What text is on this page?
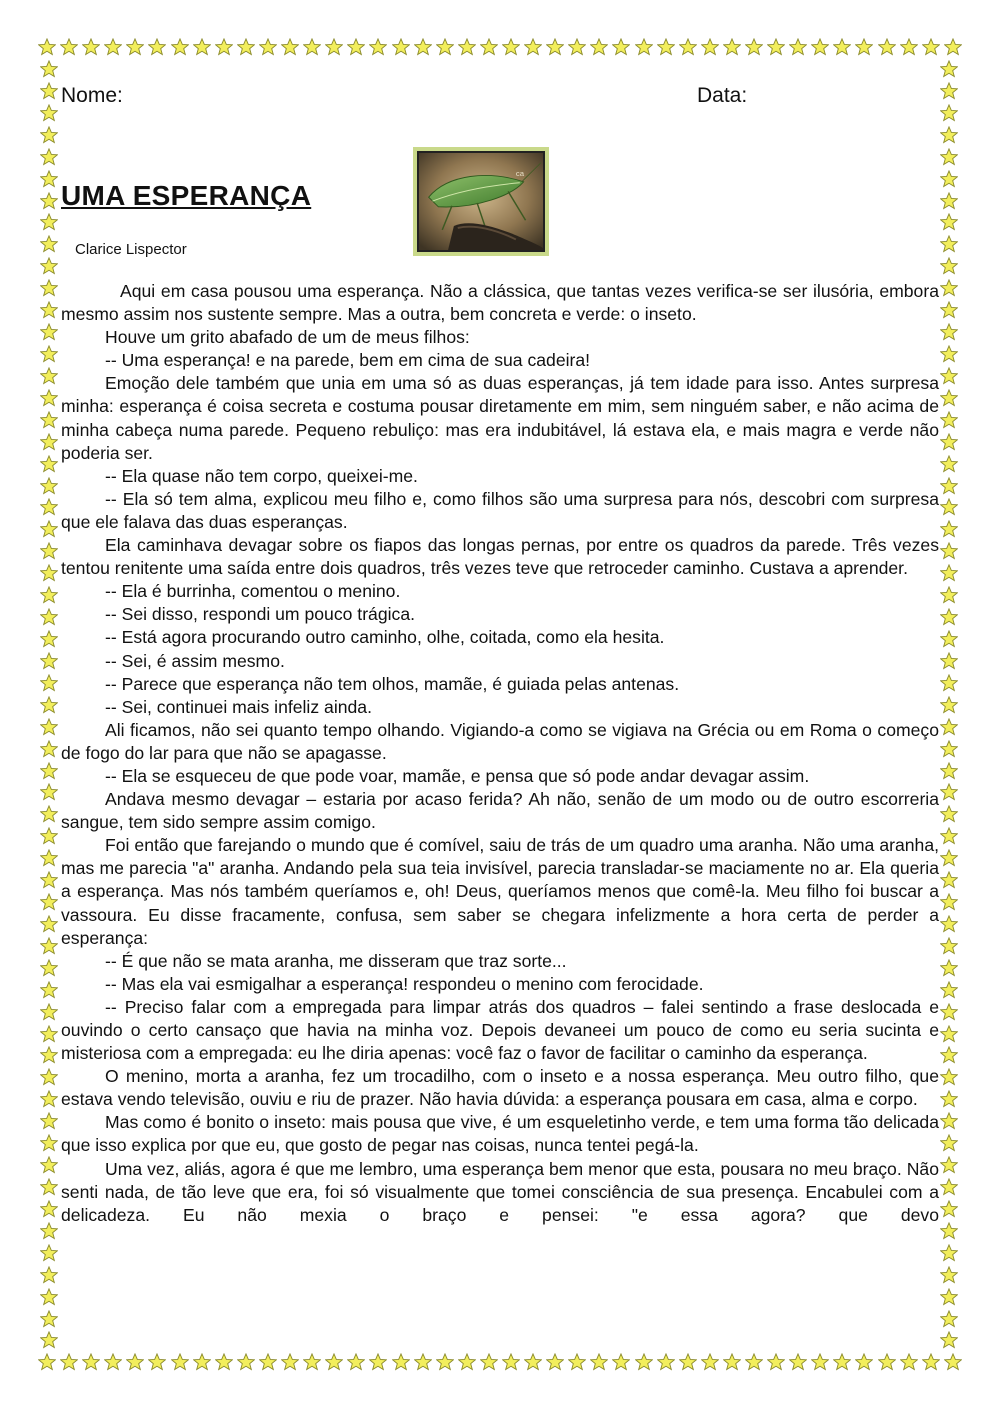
Nome:	Data:
UMA ESPERANÇA
Clarice Lispector
ca

Aqui em casa pousou uma esperança. Não a clássica, que tantas vezes verifica-se ser ilusória, embora mesmo assim nos sustente sempre. Mas a outra, bem concreta e verde: o inseto.

Houve um grito abafado de um de meus filhos:

-- Uma esperança! e na parede, bem em cima de sua cadeira!

Emoção dele também que unia em uma só as duas esperanças, já tem idade para isso. Antes surpresa minha: esperança é coisa secreta e costuma pousar diretamente em mim, sem ninguém saber, e não acima de minha cabeça numa parede. Pequeno rebuliço: mas era indubitável, lá estava ela, e mais magra e verde não poderia ser.

-- Ela quase não tem corpo, queixei-me.

-- Ela só tem alma, explicou meu filho e, como filhos são uma surpresa para nós, descobri com surpresa que ele falava das duas esperanças.

Ela caminhava devagar sobre os fiapos das longas pernas, por entre os quadros da parede. Três vezes tentou renitente uma saída entre dois quadros, três vezes teve que retroceder caminho. Custava a aprender.

-- Ela é burrinha, comentou o menino.

-- Sei disso, respondi um pouco trágica.

-- Está agora procurando outro caminho, olhe, coitada, como ela hesita.

-- Sei, é assim mesmo.

-- Parece que esperança não tem olhos, mamãe, é guiada pelas antenas.

-- Sei, continuei mais infeliz ainda.

Ali ficamos, não sei quanto tempo olhando. Vigiando-a como se vigiava na Grécia ou em Roma o começo de fogo do lar para que não se apagasse.

-- Ela se esqueceu de que pode voar, mamãe, e pensa que só pode andar devagar assim.

Andava mesmo devagar – estaria por acaso ferida? Ah não, senão de um modo ou de outro escorreria sangue, tem sido sempre assim comigo.

Foi então que farejando o mundo que é comível, saiu de trás de um quadro uma aranha. Não uma aranha, mas me parecia "a" aranha. Andando pela sua teia invisível, parecia transladar-se maciamente no ar. Ela queria a esperança. Mas nós também queríamos e, oh! Deus, queríamos menos que comê-la. Meu filho foi buscar a vassoura. Eu disse fracamente, confusa, sem saber se chegara infelizmente a hora certa de perder a esperança:

-- É que não se mata aranha, me disseram que traz sorte...

-- Mas ela vai esmigalhar a esperança! respondeu o menino com ferocidade.

-- Preciso falar com a empregada para limpar atrás dos quadros – falei sentindo a frase deslocada e ouvindo o certo cansaço que havia na minha voz. Depois devaneei um pouco de como eu seria sucinta e misteriosa com a empregada: eu lhe diria apenas: você faz o favor de facilitar o caminho da esperança.

O menino, morta a aranha, fez um trocadilho, com o inseto e a nossa esperança. Meu outro filho, que estava vendo televisão, ouviu e riu de prazer. Não havia dúvida: a esperança pousara em casa, alma e corpo.

Mas como é bonito o inseto: mais pousa que vive, é um esqueletinho verde, e tem uma forma tão delicada que isso explica por que eu, que gosto de pegar nas coisas, nunca tentei pegá-la.

Uma vez, aliás, agora é que me lembro, uma esperança bem menor que esta, pousara no meu braço. Não senti nada, de tão leve que era, foi só visualmente que tomei consciência de sua presença. Encabulei com a delicadeza. Eu não mexia o braço e pensei: "e essa agora? que devo
